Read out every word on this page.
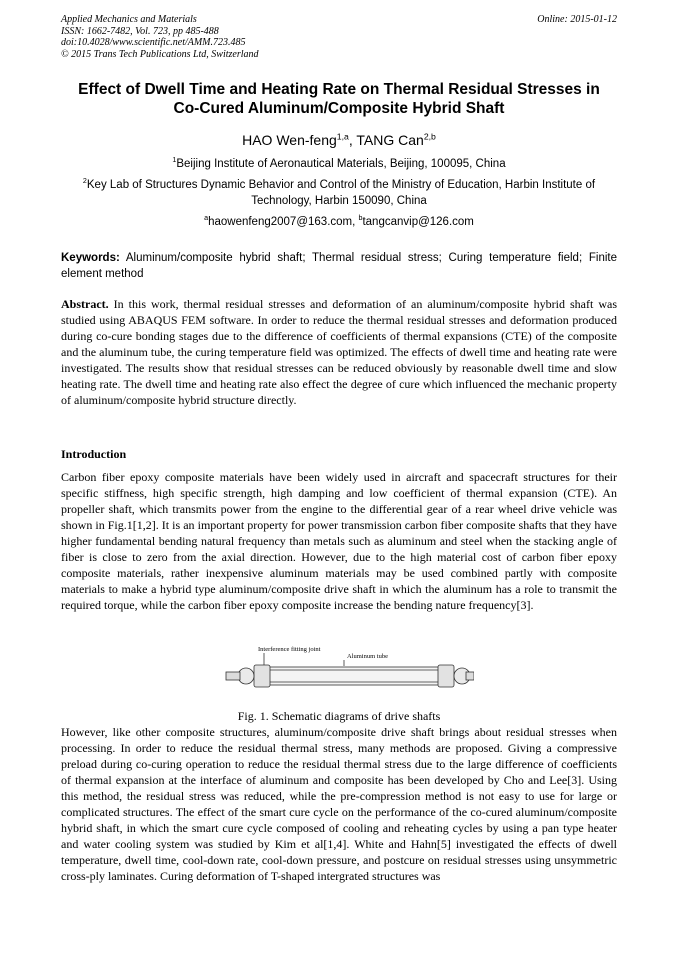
Applied Mechanics and Materials
ISSN: 1662-7482, Vol. 723, pp 485-488
doi:10.4028/www.scientific.net/AMM.723.485
© 2015 Trans Tech Publications Ltd, Switzerland
Online: 2015-01-12
Effect of Dwell Time and Heating Rate on Thermal Residual Stresses in
Co-Cured Aluminum/Composite Hybrid Shaft
HAO Wen-feng$^{1,a}$, TANG Can$^{2,b}$
$^1$Beijing Institute of Aeronautical Materials, Beijing, 100095, China
$^2$Key Lab of Structures Dynamic Behavior and Control of the Ministry of Education, Harbin Institute of Technology, Harbin 150090, China
$^a$haowenfeng2007@163.com, $^b$tangcanvip@126.com
Keywords: Aluminum/composite hybrid shaft; Thermal residual stress; Curing temperature field; Finite element method
Abstract. In this work, thermal residual stresses and deformation of an aluminum/composite hybrid shaft was studied using ABAQUS FEM software. In order to reduce the thermal residual stresses and deformation produced during co-cure bonding stages due to the difference of coefficients of thermal expansions (CTE) of the composite and the aluminum tube, the curing temperature field was optimized. The effects of dwell time and heating rate were investigated. The results show that residual stresses can be reduced obviously by reasonable dwell time and slow heating rate. The dwell time and heating rate also effect the degree of cure which influenced the mechanic property of aluminum/composite hybrid structure directly.
Introduction
Carbon fiber epoxy composite materials have been widely used in aircraft and spacecraft structures for their specific stiffness, high specific strength, high damping and low coefficient of thermal expansion (CTE). An propeller shaft, which transmits power from the engine to the differential gear of a rear wheel drive vehicle was shown in Fig.1[1,2]. It is an important property for power transmission carbon fiber composite shafts that they have higher fundamental bending natural frequency than metals such as aluminum and steel when the stacking angle of fiber is close to zero from the axial direction. However, due to the high material cost of carbon fiber epoxy composite materials, rather inexpensive aluminum materials may be used combined partly with composite materials to make a hybrid type aluminum/composite drive shaft in which the aluminum has a role to transmit the required torque, while the carbon fiber epoxy composite increase the bending nature frequency[3].
Interference fitting joint
Aluminum tube
Fig. 1. Schematic diagrams of drive shafts
However, like other composite structures, aluminum/composite drive shaft brings about residual stresses when processing. In order to reduce the residual thermal stress, many methods are proposed. Giving a compressive preload during co-curing operation to reduce the residual thermal stress due to the large difference of coefficients of thermal expansion at the interface of aluminum and composite has been developed by Cho and Lee[3]. Using this method, the residual stress was reduced, while the pre-compression method is not easy to use for large or complicated structures. The effect of the smart cure cycle on the performance of the co-cured aluminum/composite hybrid shaft, in which the smart cure cycle composed of cooling and reheating cycles by using a pan type heater and water cooling system was studied by Kim et al[1,4]. White and Hahn[5] investigated the effects of dwell temperature, dwell time, cool-down rate, cool-down pressure, and postcure on residual stresses using unsymmetric cross-ply laminates. Curing deformation of T-shaped intergrated structures was
